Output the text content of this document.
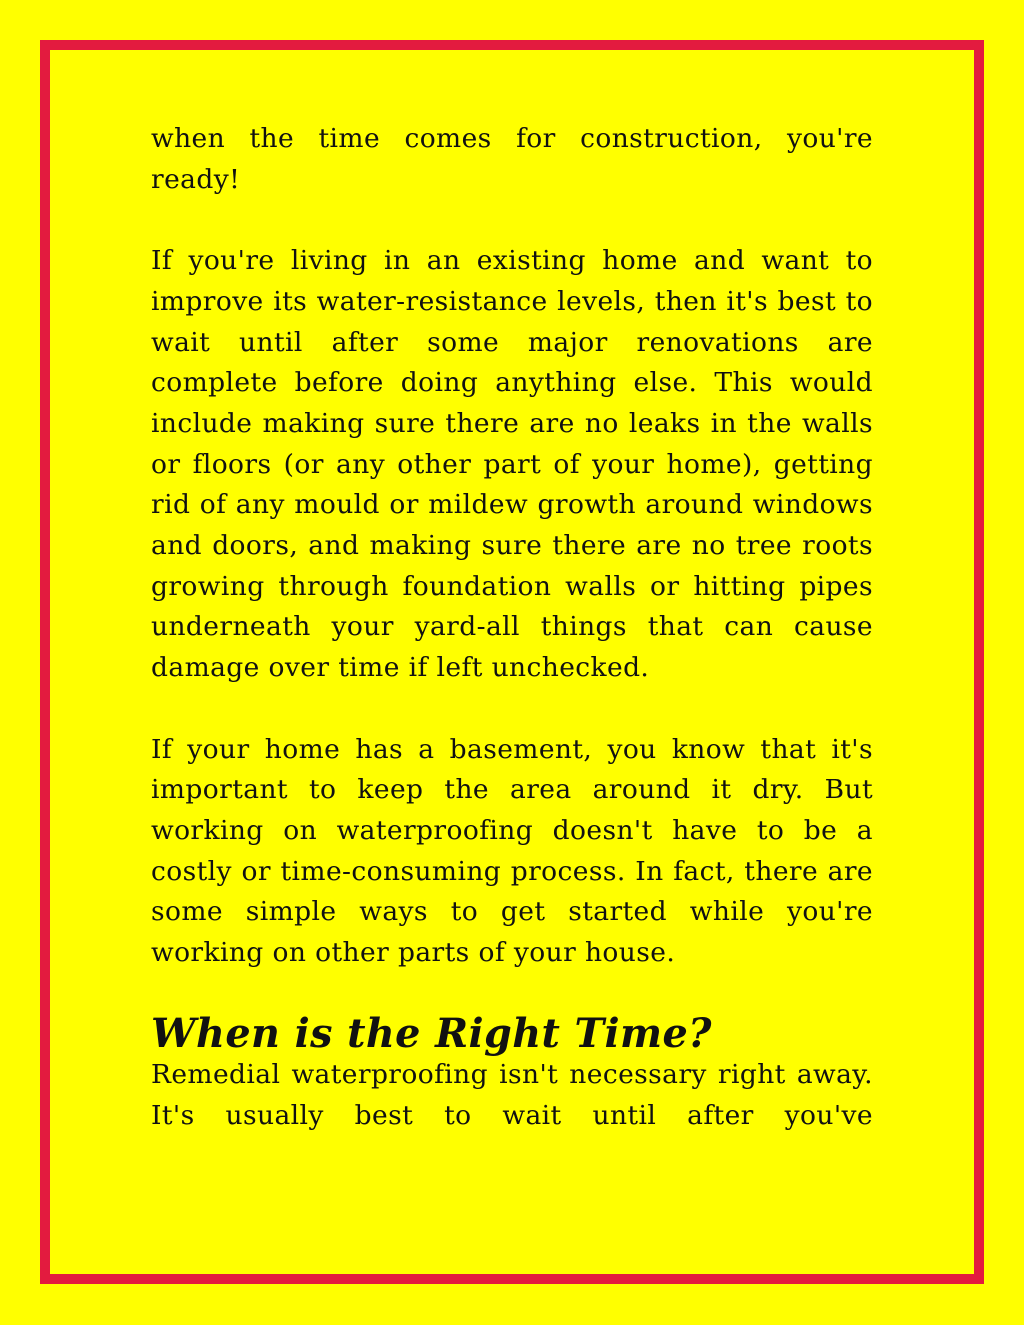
when the time comes for construction, you're ready!

If you're living in an existing home and want to improve its water-resistance levels, then it's best to wait until after some major renovations are complete before doing anything else. This would include making sure there are no leaks in the walls or floors (or any other part of your home), getting rid of any mould or mildew growth around windows and doors, and making sure there are no tree roots growing through foundation walls or hitting pipes underneath your yard-all things that can cause damage over time if left unchecked.

If your home has a basement, you know that it's important to keep the area around it dry. But working on waterproofing doesn't have to be a costly or time-consuming process. In fact, there are some simple ways to get started while you're working on other parts of your house.

When is the Right Time?

Remedial waterproofing isn't necessary right away. It's usually best to wait until after you've
